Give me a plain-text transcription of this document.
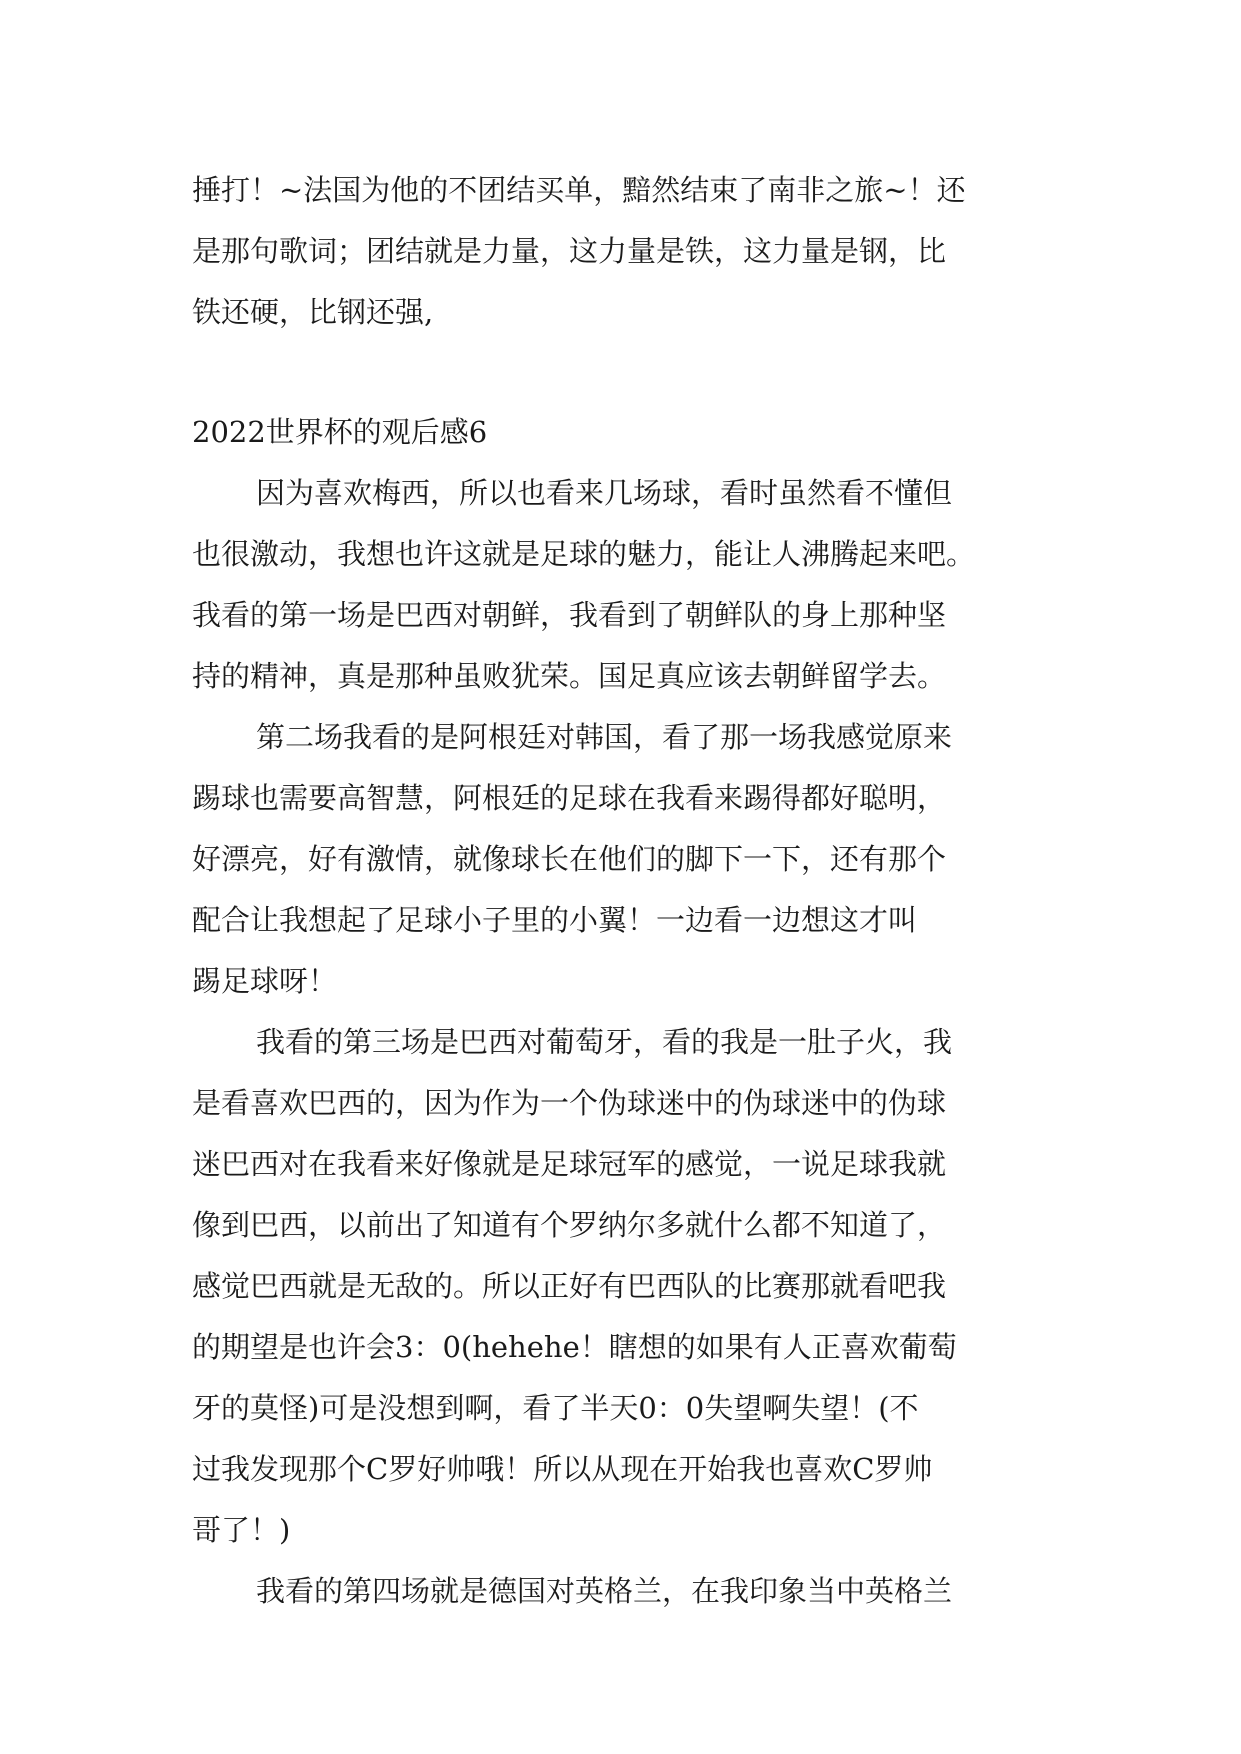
捶打！~法国为他的不团结买单，黯然结束了南非之旅~！还
是那句歌词；团结就是力量，这力量是铁，这力量是钢，比
铁还硬，比钢还强,

2022世界杯的观后感6

因为喜欢梅西，所以也看来几场球，看时虽然看不懂但
也很激动，我想也许这就是足球的魅力，能让人沸腾起来吧。
我看的第一场是巴西对朝鲜，我看到了朝鲜队的身上那种坚
持的精神，真是那种虽败犹荣。国足真应该去朝鲜留学去。

第二场我看的是阿根廷对韩国，看了那一场我感觉原来
踢球也需要高智慧，阿根廷的足球在我看来踢得都好聪明，
好漂亮，好有激情，就像球长在他们的脚下一下，还有那个
配合让我想起了足球小子里的小翼！一边看一边想这才叫
踢足球呀！

我看的第三场是巴西对葡萄牙，看的我是一肚子火，我
是看喜欢巴西的，因为作为一个伪球迷中的伪球迷中的伪球
迷巴西对在我看来好像就是足球冠军的感觉，一说足球我就
像到巴西，以前出了知道有个罗纳尔多就什么都不知道了，
感觉巴西就是无敌的。所以正好有巴西队的比赛那就看吧我
的期望是也许会3：0(hehehe！瞎想的如果有人正喜欢葡萄
牙的莫怪)可是没想到啊，看了半天0：0失望啊失望！(不
过我发现那个C罗好帅哦！所以从现在开始我也喜欢C罗帅
哥了！)

我看的第四场就是德国对英格兰，在我印象当中英格兰
